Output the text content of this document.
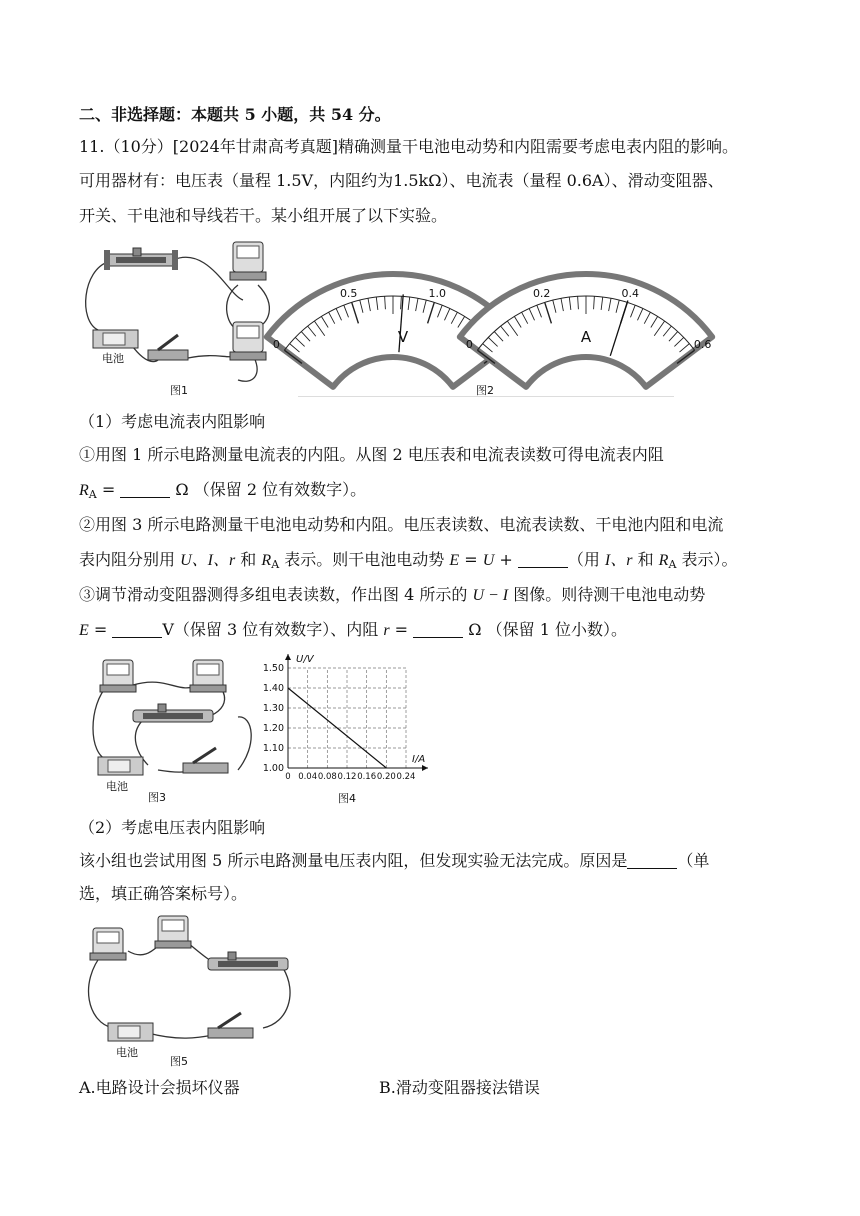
二、非选择题：本题共 5 小题，共 54 分。
11.（10分）[2024年甘肃高考真题]精确测量干电池电动势和内阻需要考虑电表内阻的影响。
可用器材有：电压表（量程 1.5V，内阻约为1.5kΩ）、电流表（量程 0.6A）、滑动变阻器、
开关、干电池和导线若干。某小组开展了以下实验。
电池
图1
0
0.5	1.0
V	0
0.2	0.4
0.6
A
图2
（1）考虑电流表内阻影响
①用图 1 所示电路测量电流表的内阻。从图 2 电压表和电流表读数可得电流表内阻
$R_A$ =	Ω （保留 2 位有效数字）。
②用图 3 所示电路测量干电池电动势和内阻。电压表读数、电流表读数、干电池内阻和电流
表内阻分别用 U、I、r 和 $R_A$ 表示。则干电池电动势 E = U +	（用 I、r 和 $R_A$ 表示）。
③调节滑动变阻器测得多组电表读数，作出图 4 所示的 U − I 图像。则待测干电池电动势
E =	V（保留 3 位有效数字）、内阻 r =	Ω （保留 1 位小数）。
电池
图3
0 0.04 0.08 0.12 0.16 0.20 0.24
1.00
1.10
1.20
1.30
1.40
1.50
I/A
U/V
图4
（2）考虑电压表内阻影响
该小组也尝试用图 5 所示电路测量电压表内阻，但发现实验无法完成。原因是	（单
选，填正确答案标号）。
电池
图5
A.电路设计会损坏仪器	B.滑动变阻器接法错误
